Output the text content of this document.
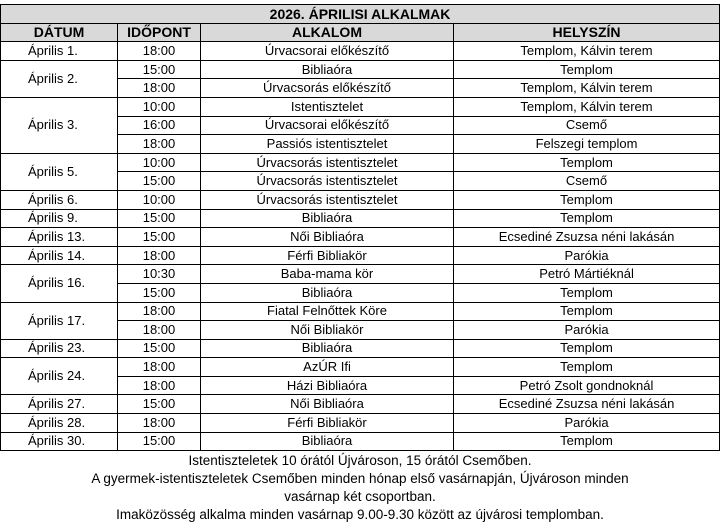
2026. ÁPRILISI ALKALMAK			
DÁTUM	IDŐPONT	ALKALOM	HELYSZÍN
Április 1.	18:00	Úrvacsorai előkészítő	Templom, Kálvin terem
Április 2.	15:00	Bibliaóra	Templom
	18:00	Úrvacsorás előkészítő	Templom, Kálvin terem
Április 3.	10:00	Istentisztelet	Templom, Kálvin terem
	16:00	Úrvacsorai előkészítő	Csemő
	18:00	Passiós istentisztelet	Felszegi templom
Április 5.	10:00	Úrvacsorás istentisztelet	Templom
	15:00	Úrvacsorás istentisztelet	Csemő
Április 6.	10:00	Úrvacsorás istentisztelet	Templom
Április 9.	15:00	Bibliaóra	Templom
Április 13.	15:00	Női Bibliaóra	Ecsediné Zsuzsa néni lakásán
Április 14.	18:00	Férfi Bibliakör	Parókia
Április 16.	10:30	Baba-mama kör	Petró Mártiéknál
	15:00	Bibliaóra	Templom
Április 17.	18:00	Fiatal Felnőttek Köre	Templom
	18:00	Női Bibliakör	Parókia
Április 23.	15:00	Bibliaóra	Templom
Április 24.	18:00	AzÚR Ifi	Templom
	18:00	Házi Bibliaóra	Petró Zsolt gondnoknál
Április 27.	15:00	Női Bibliaóra	Ecsediné Zsuzsa néni lakásán
Április 28.	18:00	Férfi Bibliakör	Parókia
Április 30.	15:00	Bibliaóra	Templom
Istentiszteletek 10 órától Újvároson, 15 órától Csemőben.
A gyermek-istentiszteletek Csemőben minden hónap első vasárnapján, Újvároson minden
vasárnap két csoportban.
Imaközösség alkalma minden vasárnap 9.00-9.30 között az újvárosi templomban.
